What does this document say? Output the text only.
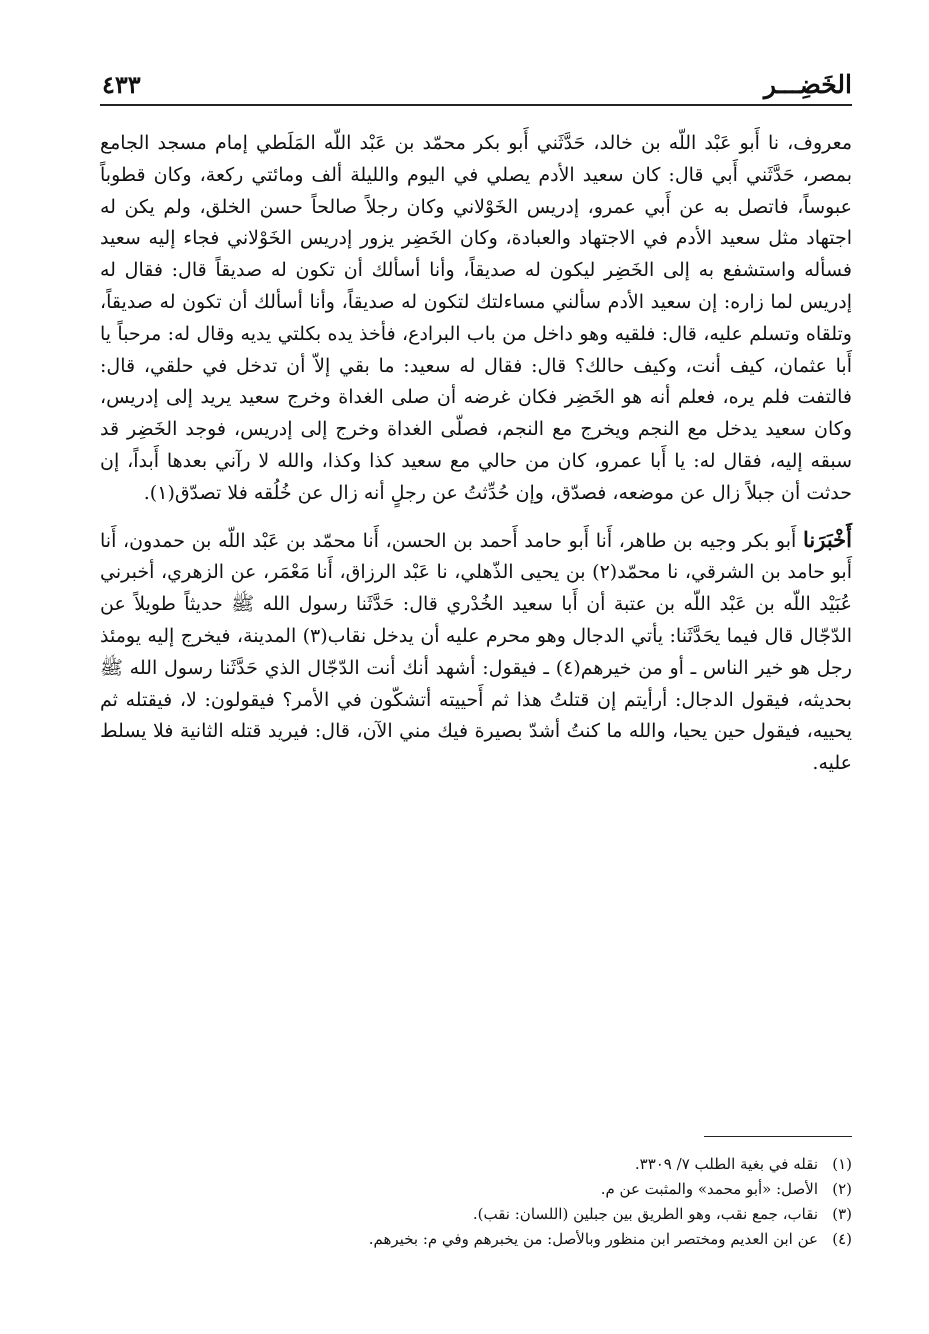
الخَضِـــر
٤٣٣

معروف، نا أَبو عَبْد اللّه بن خالد، حَدَّثَني أَبو بكر محمّد بن عَبْد اللّه المَلَطي إمام مسجد الجامع بمصر، حَدَّثَني أَبي قال: كان سعيد الأدم يصلي في اليوم والليلة ألف ومائتي ركعة، وكان قطوباً عبوساً، فاتصل به عن أَبي عمرو، إدريس الخَوْلاني وكان رجلاً صالحاً حسن الخلق، ولم يكن له اجتهاد مثل سعيد الأدم في الاجتهاد والعبادة، وكان الخَضِر يزور إدريس الخَوْلاني فجاء إليه سعيد فسأله واستشفع به إلى الخَضِر ليكون له صديقاً، وأنا أسألك أن تكون له صديقاً قال: فقال له إدريس لما زاره: إن سعيد الأدم سألني مساءلتك لتكون له صديقاً، وأنا أسألك أن تكون له صديقاً، وتلقاه وتسلم عليه، قال: فلقيه وهو داخل من باب البرادع، فأخذ يده بكلتي يديه وقال له: مرحباً يا أَبا عثمان، كيف أنت، وكيف حالك؟ قال: فقال له سعيد: ما بقي إلاّ أن تدخل في حلقي، قال: فالتفت فلم يره، فعلم أنه هو الخَضِر فكان غرضه أن صلى الغداة وخرج سعيد يريد إلى إدريس، وكان سعيد يدخل مع النجم ويخرج مع النجم، فصلّى الغداة وخرج إلى إدريس، فوجد الخَضِر قد سبقه إليه، فقال له: يا أَبا عمرو، كان من حالي مع سعيد كذا وكذا، والله لا رآني بعدها أَبداً، إن حدثت أن جبلاً زال عن موضعه، فصدّق، وإن حُدِّثتُ عن رجلٍ أنه زال عن خُلُقه فلا تصدّق(١).

أَخْبَرَنا أَبو بكر وجيه بن طاهر، أَنا أَبو حامد أَحمد بن الحسن، أَنا محمّد بن عَبْد اللّه بن حمدون، أَنا أَبو حامد بن الشرقي، نا محمّد(٢) بن يحيى الذّهلي، نا عَبْد الرزاق، أَنا مَعْمَر، عن الزهري، أخبرني عُبَيْد اللّه بن عَبْد اللّه بن عتبة أن أَبا سعيد الخُدْري قال: حَدَّثَنا رسول الله ﷺ حديثاً طويلاً عن الدّجّال قال فيما يحَدَّثَنا: يأتي الدجال وهو محرم عليه أن يدخل نقاب(٣) المدينة، فيخرج إليه يومئذ رجل هو خير الناس ـ أو من خيرهم(٤) ـ فيقول: أشهد أنك أنت الدّجّال الذي حَدَّثَنا رسول الله ﷺ بحديثه، فيقول الدجال: أرأيتم إن قتلتُ هذا ثم أَحييته أتشكّون في الأمر؟ فيقولون: لا، فيقتله ثم يحييه، فيقول حين يحيا، والله ما كنتُ أشدّ بصيرة فيك مني الآن، قال: فيريد قتله الثانية فلا يسلط عليه.

(١)نقله في بغية الطلب ٧/ ٣٣٠٩.

(٢)الأصل: «أبو محمد» والمثبت عن م.

(٣)نقاب، جمع نقب، وهو الطريق بين جبلين (اللسان: نقب).

(٤)عن ابن العديم ومختصر ابن منظور وبالأصل: من يخبرهم وفي م: بخيرهم.
